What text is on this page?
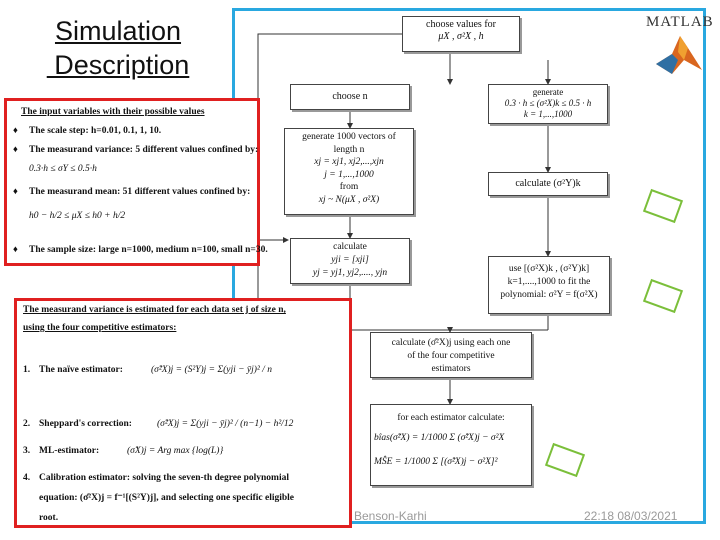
Simulation
Description
choose values for
μX , σ²X , h
choose n	generate
0.3 · h ≤ (σ²X)k ≤ 0.5 · h
k = 1,...,1000
generate 1000 vectors of
length n
xj = xj1, xj2,...,xjn
j = 1,...,1000
from
xj ~ N(μX , σ²X)
calculate (σ²Y)k
calculate
yji = [xji]
yj = yj1, yj2,...., yjn	use [(σ²X)k , (σ²Y)k]
k=1,....,1000 to fit the
polynomial: σ²Y = f(σ²X)
calculate (σ̂²X)j using each one
of the four competitive
estimators
for each estimator calculate:
bîas(σ̂²X) = 1/1000 Σ (σ̂²X)j − σ²X
MŜE = 1/1000 Σ [(σ̂²X)j − σ²X]²
MATLAB
The input variables with their possible values
♦ The scale step: h=0.01, 0.1, 1, 10.
♦ The measurand variance: 5 different values confined by:
0.3·h ≤ σY ≤ 0.5·h
♦ The measurand mean: 51 different values confined by:
h0 − h/2 ≤ μX ≤ h0 + h/2
♦ The sample size: large n=1000, medium n=100, small n=30.
The measurand variance is estimated for each data set j of size n,
using the four competitive estimators:
1. The naïve estimator:	(σ̂²X)j = (S²Y)j = Σ(yji − ȳj)² / n
2. Sheppard's correction:	(σ̂²X)j = Σ(yji − ȳj)² / (n−1) − h²/12
3. ML-estimator:	(σ̂X)j = Arg max {log(L)}
4. Calibration estimator: solving the seven-th degree polynomial
equation: (σ̂²X)j = f⁻¹[(S²Y)j], and selecting one specific eligible
root.	Benson-Karhi	22:18 08/03/2021
